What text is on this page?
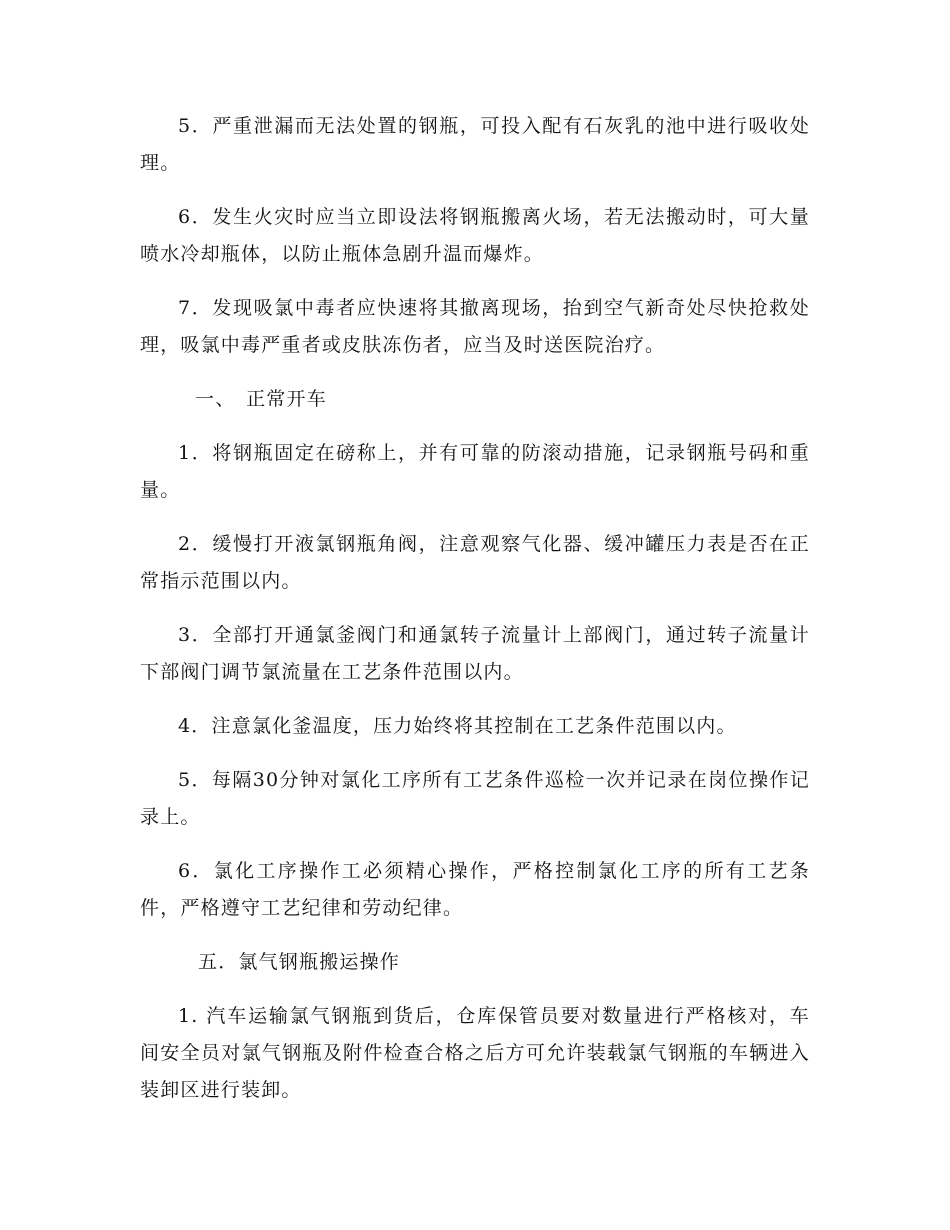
5．严重泄漏而无法处置的钢瓶，可投入配有石灰乳的池中进行吸收处理。

6．发生火灾时应当立即设法将钢瓶搬离火场，若无法搬动时，可大量喷水冷却瓶体，以防止瓶体急剧升温而爆炸。

7．发现吸氯中毒者应快速将其撤离现场，抬到空气新奇处尽快抢救处理，吸氯中毒严重者或皮肤冻伤者，应当及时送医院治疗。

一、　正常开车

1．将钢瓶固定在磅称上，并有可靠的防滚动措施，记录钢瓶号码和重量。

2．缓慢打开液氯钢瓶角阀，注意观察气化器、缓冲罐压力表是否在正常指示范围以内。

3．全部打开通氯釜阀门和通氯转子流量计上部阀门，通过转子流量计下部阀门调节氯流量在工艺条件范围以内。

4．注意氯化釜温度，压力始终将其控制在工艺条件范围以内。

5．每隔30分钟对氯化工序所有工艺条件巡检一次并记录在岗位操作记录上。

6．氯化工序操作工必须精心操作，严格控制氯化工序的所有工艺条件，严格遵守工艺纪律和劳动纪律。

五．氯气钢瓶搬运操作

1. 汽车运输氯气钢瓶到货后，仓库保管员要对数量进行严格核对，车间安全员对氯气钢瓶及附件检查合格之后方可允许装载氯气钢瓶的车辆进入装卸区进行装卸。
